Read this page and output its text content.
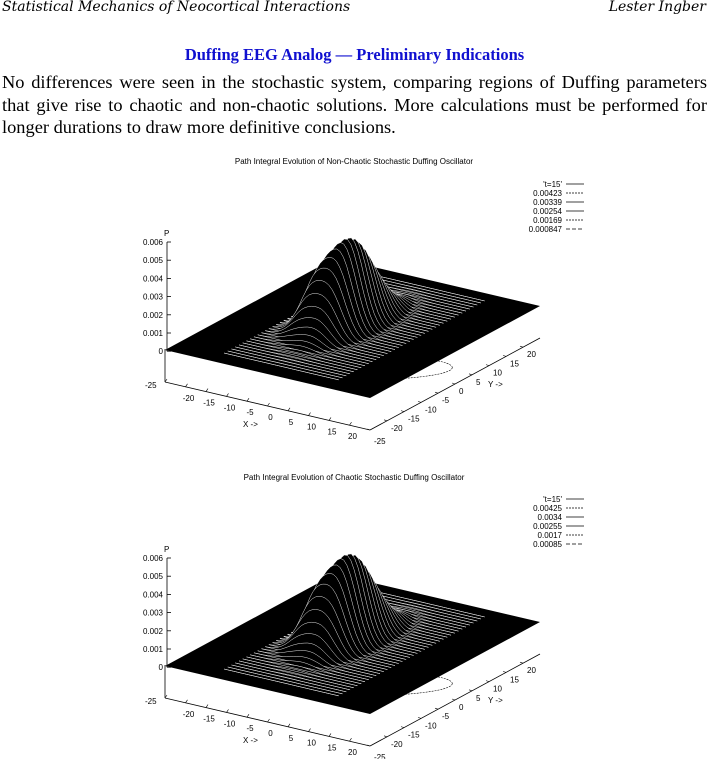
Statistical Mechanics of Neocortical Interactions	Lester Ingber
Duffing EEG Analog — Preliminary Indications

No differences were seen in the stochastic system, comparing regions of Duffing parameters that give rise to chaotic and non-chaotic solutions. More calculations must be performed for longer durations to draw more definitive conclusions.

Path Integral Evolution of Non-Chaotic Stochastic Duffing Oscillator
't=15'
0.00423
0.00339
0.00254
0.00169
0.000847
P
0.006
0.005
0.004
0.003
0.002
0.001
0
-20
-15
-10
-5
0
5
10
15
20
-25
X ->
-25
-20
-15
-10
-5
0
5
10
15
20
Y ->
Path Integral Evolution of Chaotic Stochastic Duffing Oscillator
't=15'
0.00425
0.0034
0.00255
0.0017
0.00085
P
0.006
0.005
0.004
0.003
0.002
0.001
0
-20
-15
-10
-5
0
5
10
15
20
-25
X ->
-25
-20
-15
-10
-5
0
5
10
15
20
Y ->
